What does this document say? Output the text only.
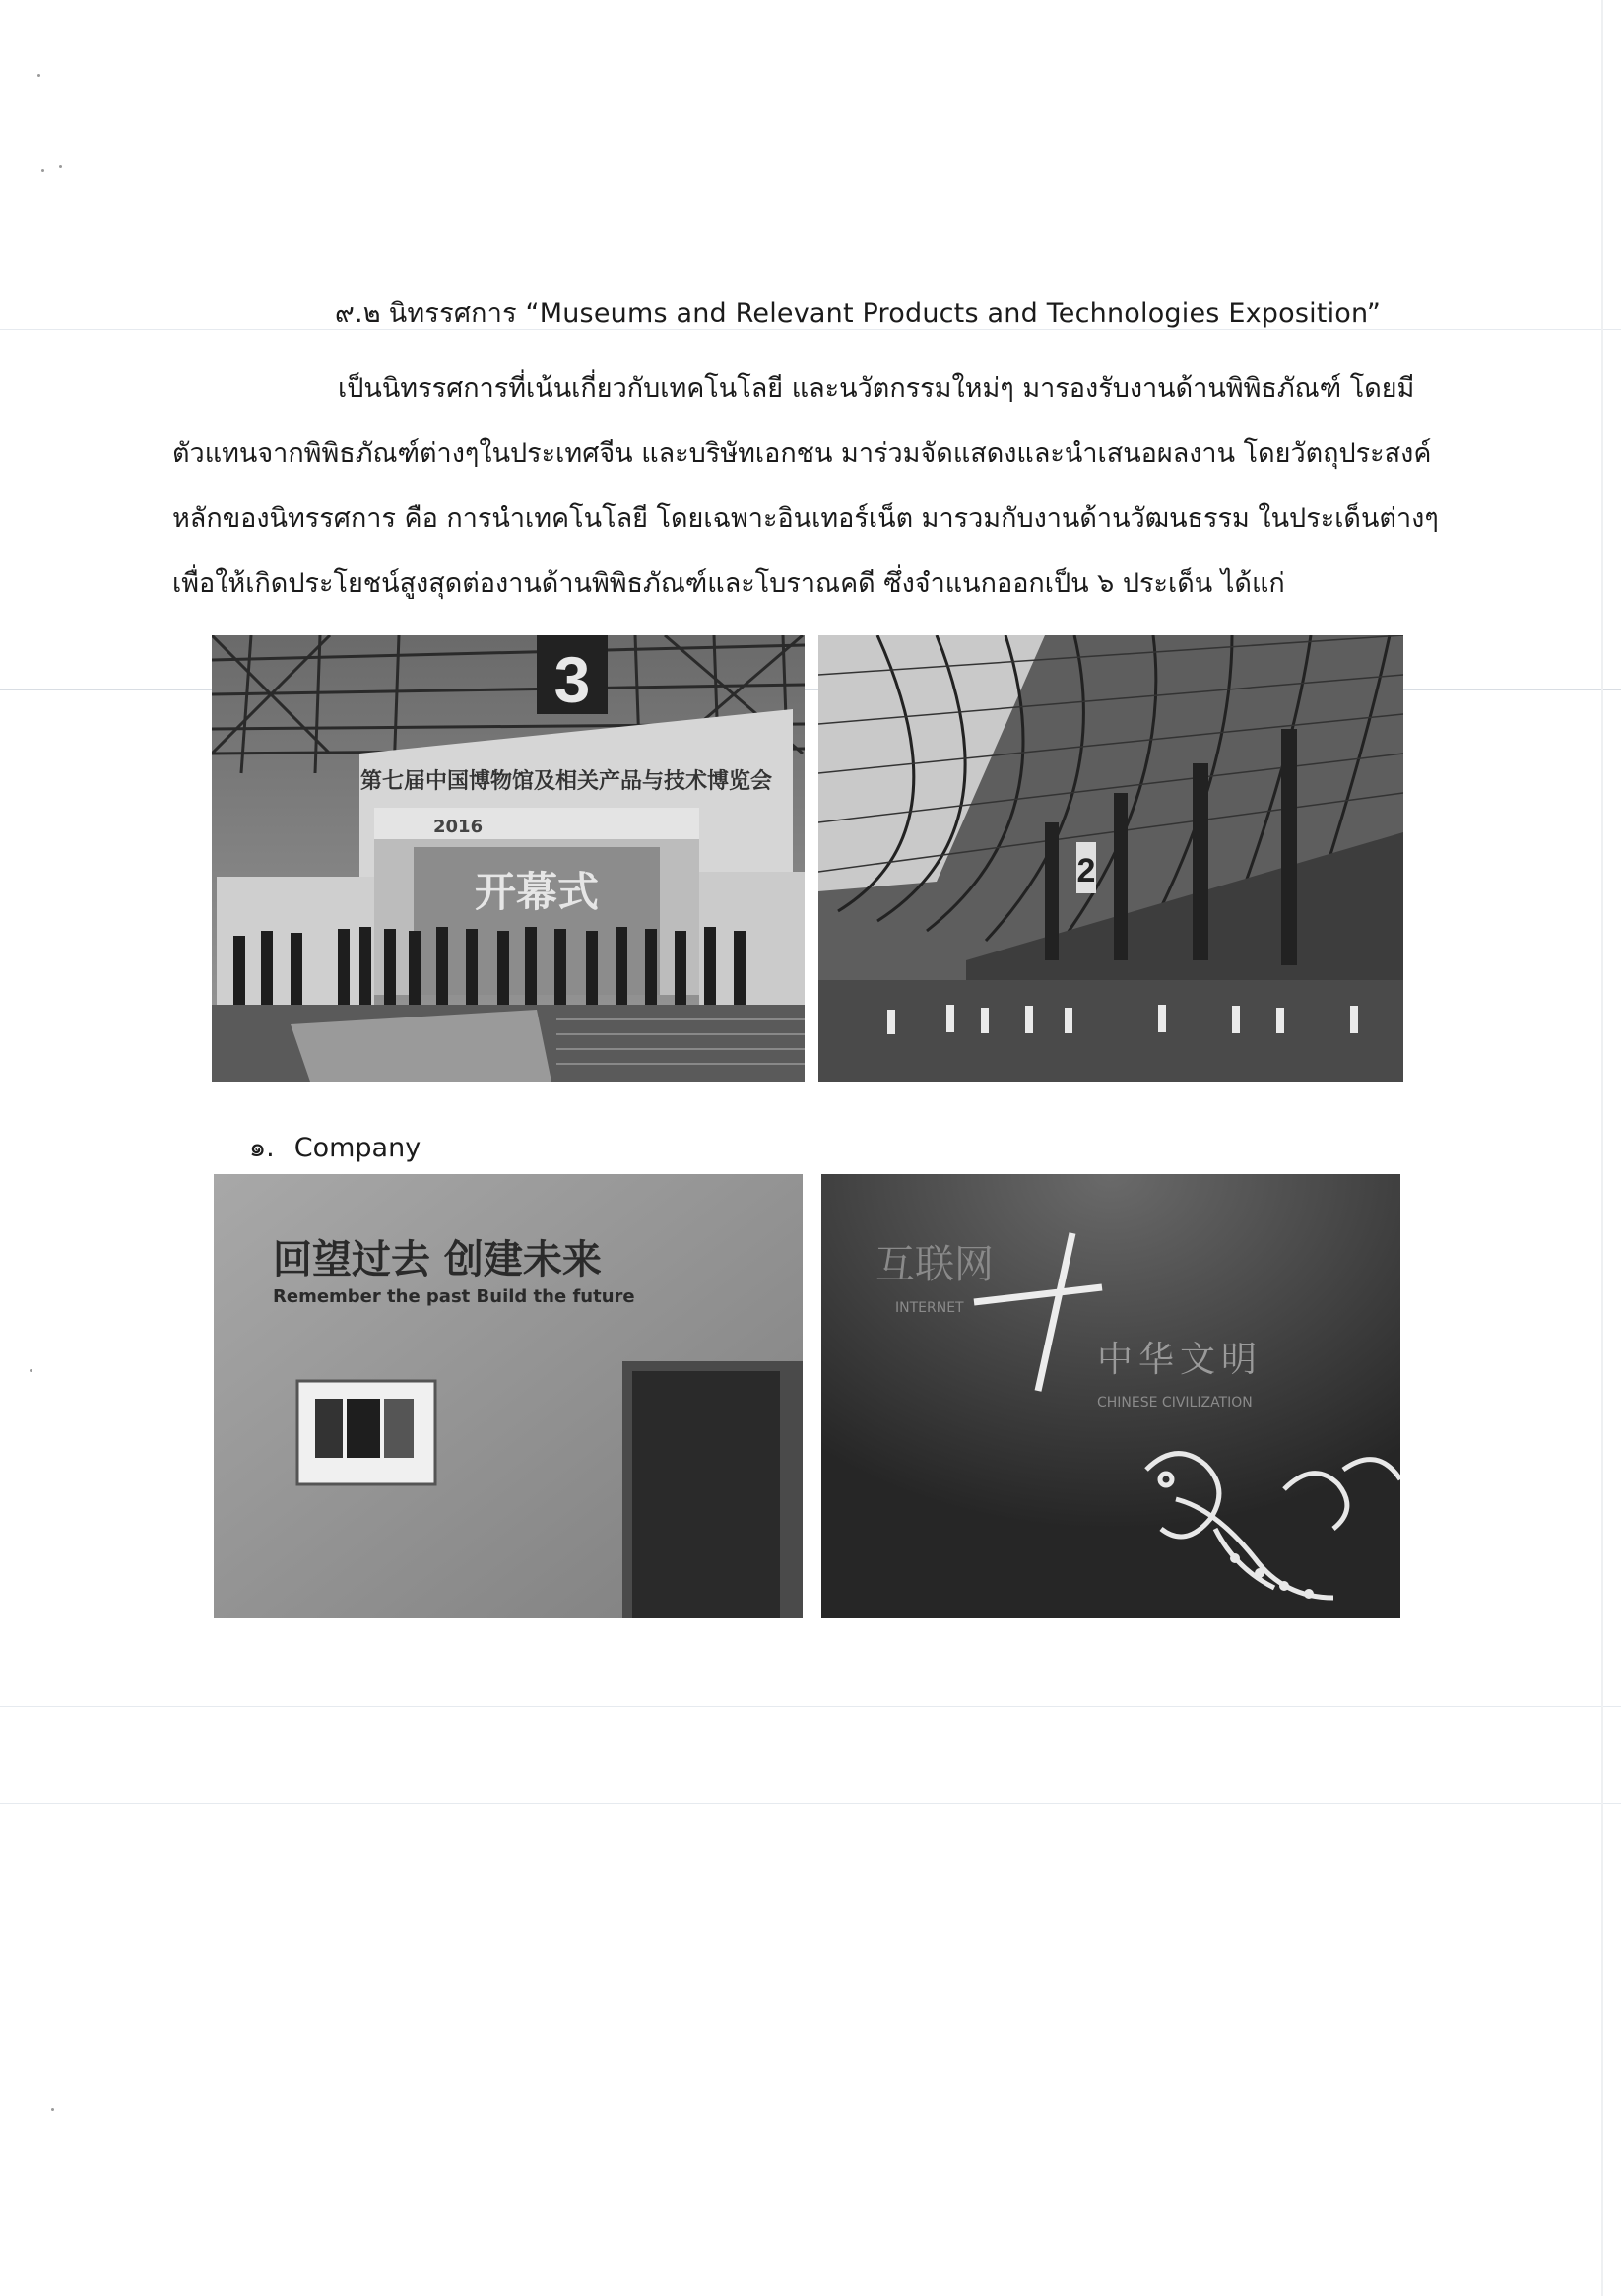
๙.๒ นิทรรศการ “Museums and Relevant Products and Technologies Exposition”
เป็นนิทรรศการที่เน้นเกี่ยวกับเทคโนโลยี และนวัตกรรมใหม่ๆ มารองรับงานด้านพิพิธภัณฑ์ โดยมี
ตัวแทนจากพิพิธภัณฑ์ต่างๆในประเทศจีน และบริษัทเอกชน มาร่วมจัดแสดงและนำเสนอผลงาน โดยวัตถุประสงค์
หลักของนิทรรศการ คือ การนำเทคโนโลยี โดยเฉพาะอินเทอร์เน็ต มารวมกับงานด้านวัฒนธรรม ในประเด็นต่างๆ
เพื่อให้เกิดประโยชน์สูงสุดต่องานด้านพิพิธภัณฑ์และโบราณคดี ซึ่งจำแนกออกเป็น ๖ ประเด็น ได้แก่
3
第七届中国博物馆及相关产品与技术博览会
2016
开幕式	2
๑. Company
回望过去 创建未来
Remember the past Build the future
互联网
INTERNET
中华文明
CHINESE CIVILIZATION
